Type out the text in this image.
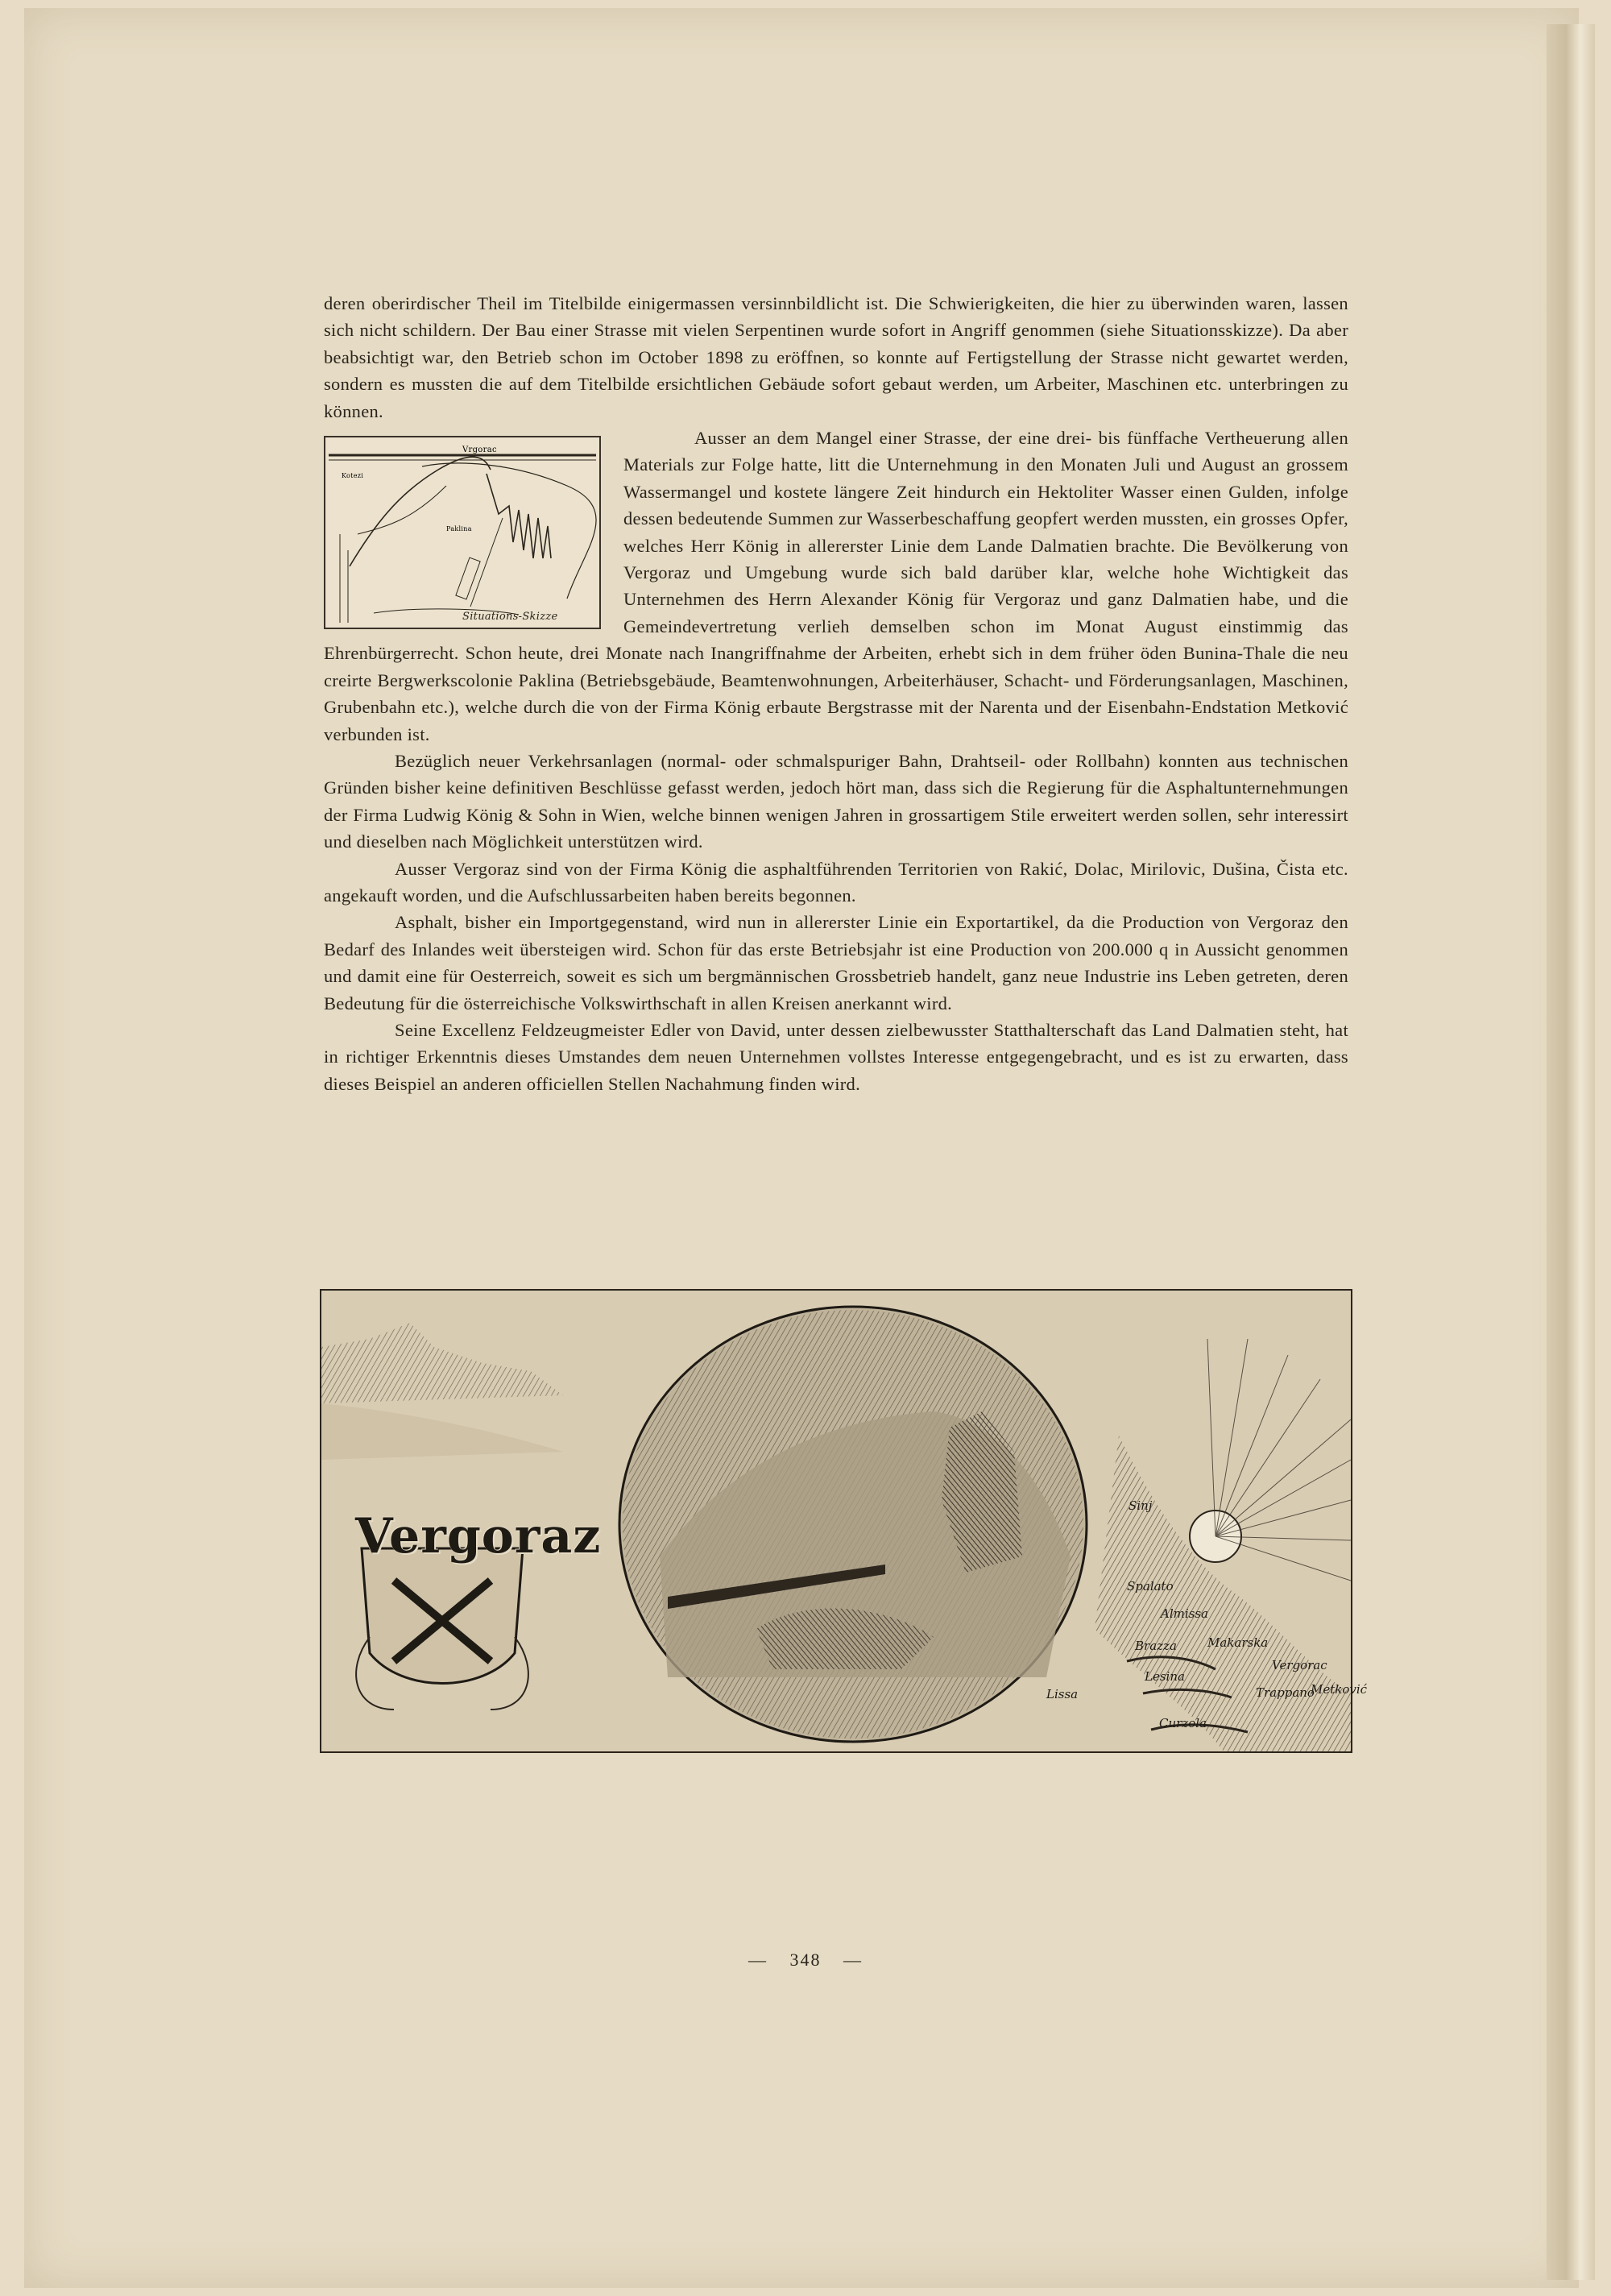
deren oberirdischer Theil im Titelbilde einigermassen versinnbildlicht ist. Die Schwierigkeiten, die hier zu überwinden waren, lassen sich nicht schildern. Der Bau einer Strasse mit vielen Serpentinen wurde sofort in Angriff genommen (siehe Situationsskizze). Da aber beabsichtigt war, den Betrieb schon im October 1898 zu eröffnen, so konnte auf Fertigstellung der Strasse nicht gewartet werden, sondern es mussten die auf dem Titelbilde ersichtlichen Gebäude sofort gebaut werden, um Arbeiter, Maschinen etc. unterbringen zu können.

Vrgorac
Kotezi
Paklina
Situations-Skizze
Ausser an dem Mangel einer Strasse, der eine drei- bis fünffache Vertheuerung allen Materials zur Folge hatte, litt die Unternehmung in den Monaten Juli und August an grossem Wassermangel und kostete längere Zeit hindurch ein Hektoliter Wasser einen Gulden, infolge dessen bedeutende Summen zur Wasserbeschaffung geopfert werden mussten, ein grosses Opfer, welches Herr König in allererster Linie dem Lande Dalmatien brachte. Die Bevölkerung von Vergoraz und Umgebung wurde sich bald darüber klar, welche hohe Wichtigkeit das Unternehmen des Herrn Alexander König für Vergoraz und ganz Dalmatien habe, und die Gemeindevertretung verlieh demselben schon im Monat August einstimmig das Ehrenbürgerrecht. Schon heute, drei Monate nach Inangriffnahme der Arbeiten, erhebt sich in dem früher öden Bunina-Thale die neu creirte Bergwerkscolonie Paklina (Betriebsgebäude, Beamtenwohnungen, Arbeiterhäuser, Schacht- und Förderungsanlagen, Maschinen, Grubenbahn etc.), welche durch die von der Firma König erbaute Bergstrasse mit der Narenta und der Eisenbahn-Endstation Metković verbunden ist.

Bezüglich neuer Verkehrsanlagen (normal- oder schmalspuriger Bahn, Drahtseil- oder Rollbahn) konnten aus technischen Gründen bisher keine definitiven Beschlüsse gefasst werden, jedoch hört man, dass sich die Regierung für die Asphaltunternehmungen der Firma Ludwig König & Sohn in Wien, welche binnen wenigen Jahren in grossartigem Stile erweitert werden sollen, sehr interessirt und dieselben nach Möglichkeit unterstützen wird.

Ausser Vergoraz sind von der Firma König die asphaltführenden Territorien von Rakić, Dolac, Mirilovic, Dušina, Čista etc. angekauft worden, und die Aufschlussarbeiten haben bereits begonnen.

Asphalt, bisher ein Importgegenstand, wird nun in allererster Linie ein Exportartikel, da die Production von Vergoraz den Bedarf des Inlandes weit übersteigen wird. Schon für das erste Betriebsjahr ist eine Production von 200.000 q in Aussicht genommen und damit eine für Oesterreich, soweit es sich um bergmännischen Grossbetrieb handelt, ganz neue Industrie ins Leben getreten, deren Bedeutung für die österreichische Volkswirthschaft in allen Kreisen anerkannt wird.

Seine Excellenz Feldzeugmeister Edler von David, unter dessen zielbewusster Statthalterschaft das Land Dalmatien steht, hat in richtiger Erkenntnis dieses Umstandes dem neuen Unternehmen vollstes Interesse entgegengebracht, und es ist zu erwarten, dass dieses Beispiel an anderen officiellen Stellen Nachahmung finden wird.

Vergoraz
Sinj
Spalato
Almissa
Brazza	Makarska
Vergorac
Lesina
Trappano
Lissa
Curzola
Metković
— 348 —
